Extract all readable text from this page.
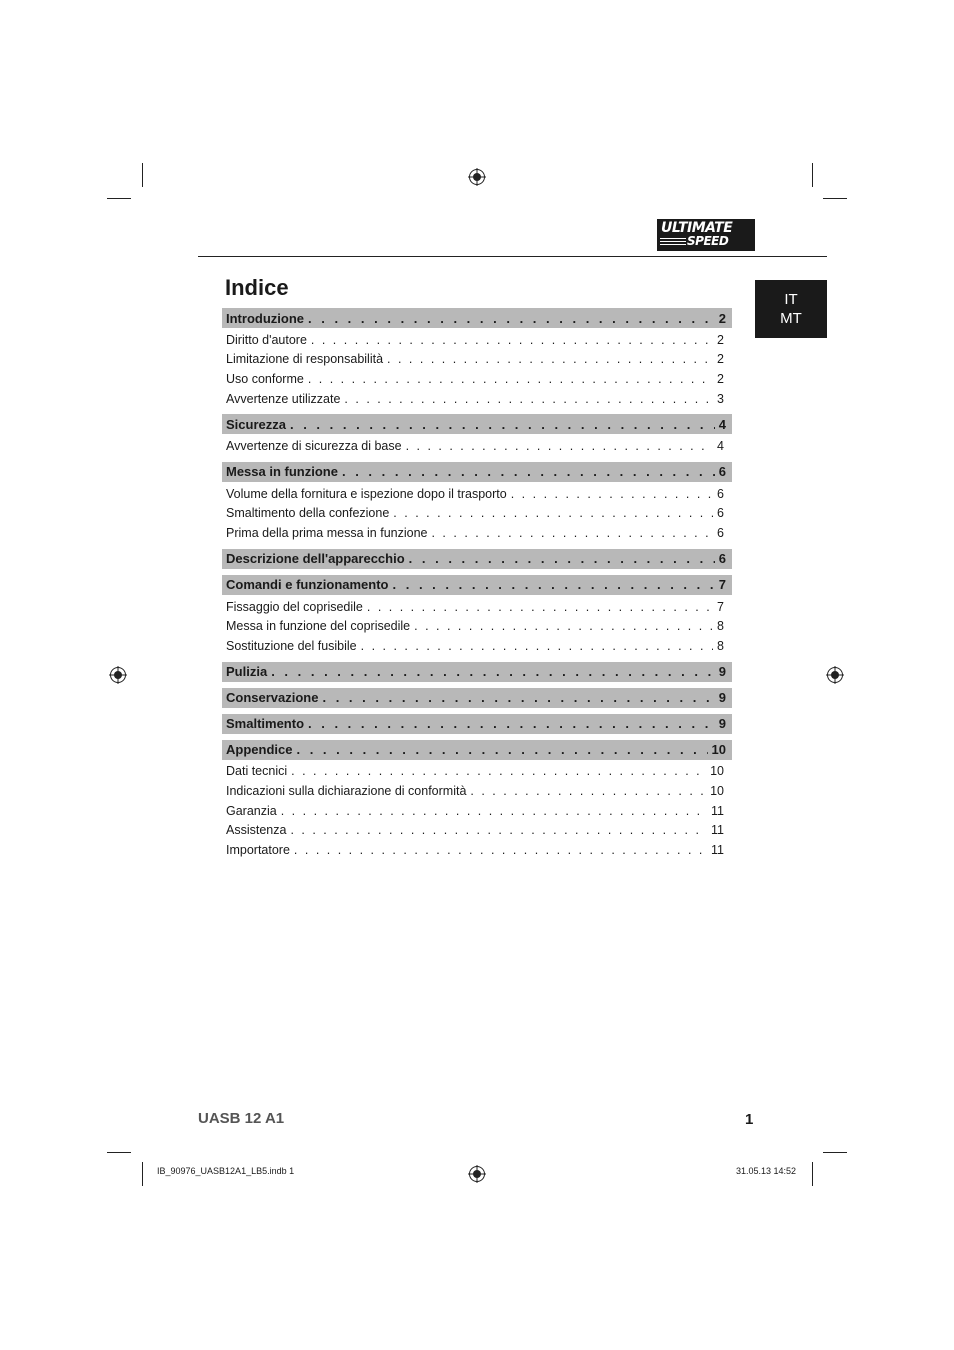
ULTIMATE
SPEED
Indice	IT
MT
Introduzione . . .	2
Diritto d'autore . . .	2
Limitazione di responsabilità . . .	2
Uso conforme . . .	2
Avvertenze utilizzate . . .	3
Sicurezza . . .	4
Avvertenze di sicurezza di base . . .	4
Messa in funzione . . .	6
Volume della fornitura e ispezione dopo il trasporto . . .	6
Smaltimento della confezione . . .	6
Prima della prima messa in funzione . . .	6
Descrizione dell'apparecchio . . .	6
Comandi e funzionamento . . .	7
Fissaggio del coprisedile . . .	7
Messa in funzione del coprisedile . . .	8
Sostituzione del fusibile . . .	8
Pulizia . . .	9
Conservazione . . .	9
Smaltimento . . .	9
Appendice . . .	10
Dati tecnici . . .	10
Indicazioni sulla dichiarazione di conformità . . .	10
Garanzia . . .	11
Assistenza . . .	11
Importatore . . .	11
UASB 12 A1	1
IB_90976_UASB12A1_LB5.indb 1	31.05.13 14:52
